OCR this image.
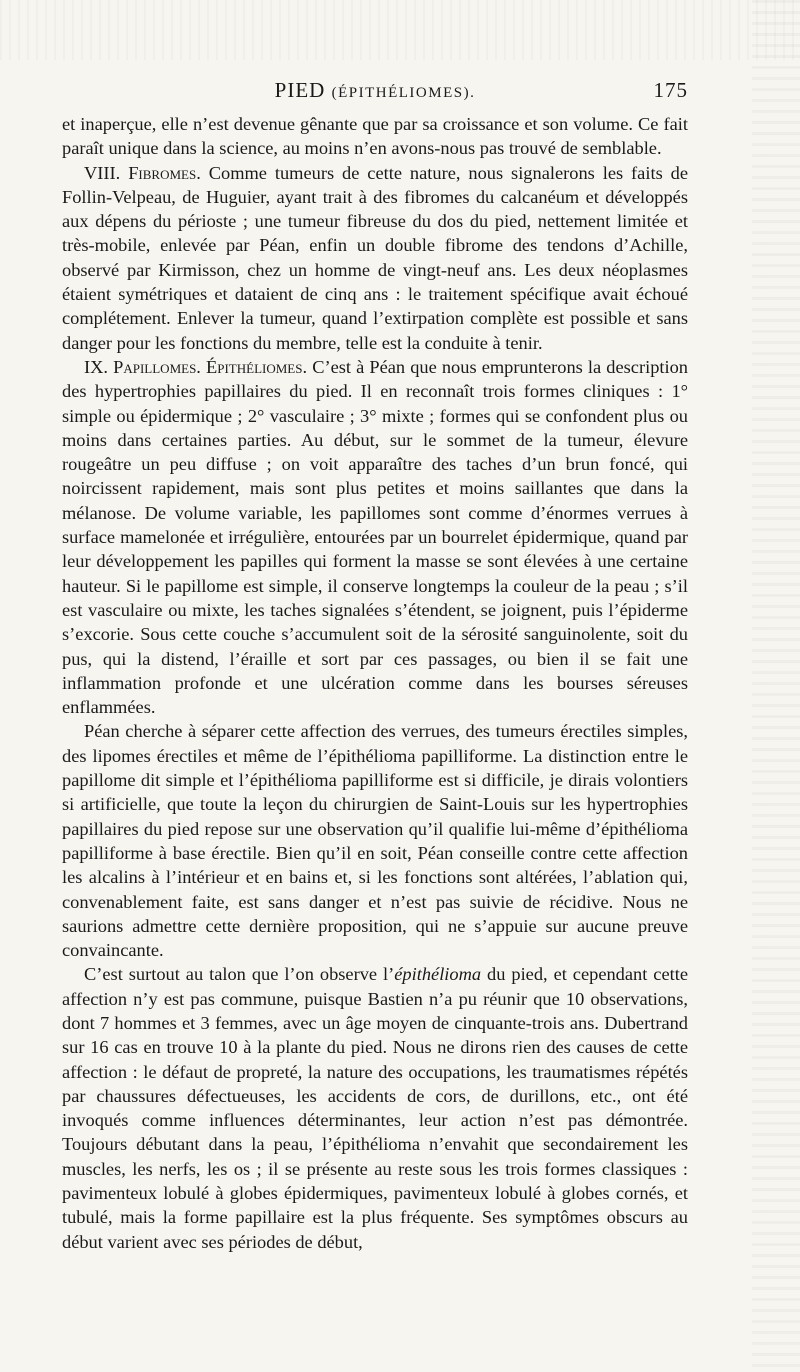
PIED (ÉPITHÉLIOMES).	175

et inaperçue, elle n’est devenue gênante que par sa croissance et son volume. Ce fait paraît unique dans la science, au moins n’en avons-nous pas trouvé de semblable.

VIII. Fibromes. Comme tumeurs de cette nature, nous signalerons les faits de Follin-Velpeau, de Huguier, ayant trait à des fibromes du calcanéum et développés aux dépens du périoste ; une tumeur fibreuse du dos du pied, nettement limitée et très-mobile, enlevée par Péan, enfin un double fibrome des tendons d’Achille, observé par Kirmisson, chez un homme de vingt-neuf ans. Les deux néoplasmes étaient symétriques et dataient de cinq ans : le traitement spécifique avait échoué complétement. Enlever la tumeur, quand l’extirpation complète est possible et sans danger pour les fonctions du membre, telle est la conduite à tenir.

IX. Papillomes. Épithéliomes. C’est à Péan que nous emprunterons la description des hypertrophies papillaires du pied. Il en reconnaît trois formes cliniques : 1° simple ou épidermique ; 2° vasculaire ; 3° mixte ; formes qui se confondent plus ou moins dans certaines parties. Au début, sur le sommet de la tumeur, élevure rougeâtre un peu diffuse ; on voit apparaître des taches d’un brun foncé, qui noircissent rapidement, mais sont plus petites et moins saillantes que dans la mélanose. De volume variable, les papillomes sont comme d’énormes verrues à surface mamelonée et irrégulière, entourées par un bourrelet épidermique, quand par leur développement les papilles qui forment la masse se sont élevées à une certaine hauteur. Si le papillome est simple, il conserve longtemps la couleur de la peau ; s’il est vasculaire ou mixte, les taches signalées s’étendent, se joignent, puis l’épiderme s’excorie. Sous cette couche s’accumulent soit de la sérosité sanguinolente, soit du pus, qui la distend, l’éraille et sort par ces passages, ou bien il se fait une inflammation profonde et une ulcération comme dans les bourses séreuses enflammées.

Péan cherche à séparer cette affection des verrues, des tumeurs érectiles simples, des lipomes érectiles et même de l’épithélioma papilliforme. La distinction entre le papillome dit simple et l’épithélioma papilliforme est si difficile, je dirais volontiers si artificielle, que toute la leçon du chirurgien de Saint-Louis sur les hypertrophies papillaires du pied repose sur une observation qu’il qualifie lui-même d’épithélioma papilliforme à base érectile. Bien qu’il en soit, Péan conseille contre cette affection les alcalins à l’intérieur et en bains et, si les fonctions sont altérées, l’ablation qui, convenablement faite, est sans danger et n’est pas suivie de récidive. Nous ne saurions admettre cette dernière proposition, qui ne s’appuie sur aucune preuve convaincante.

C’est surtout au talon que l’on observe l’épithélioma du pied, et cependant cette affection n’y est pas commune, puisque Bastien n’a pu réunir que 10 observations, dont 7 hommes et 3 femmes, avec un âge moyen de cinquante-trois ans. Dubertrand sur 16 cas en trouve 10 à la plante du pied. Nous ne dirons rien des causes de cette affection : le défaut de propreté, la nature des occupations, les traumatismes répétés par chaussures défectueuses, les accidents de cors, de durillons, etc., ont été invoqués comme influences déterminantes, leur action n’est pas démontrée. Toujours débutant dans la peau, l’épithélioma n’envahit que secondairement les muscles, les nerfs, les os ; il se présente au reste sous les trois formes classiques : pavimenteux lobulé à globes épidermiques, pavimenteux lobulé à globes cornés, et tubulé, mais la forme papillaire est la plus fréquente. Ses symptômes obscurs au début varient avec ses périodes de début,
